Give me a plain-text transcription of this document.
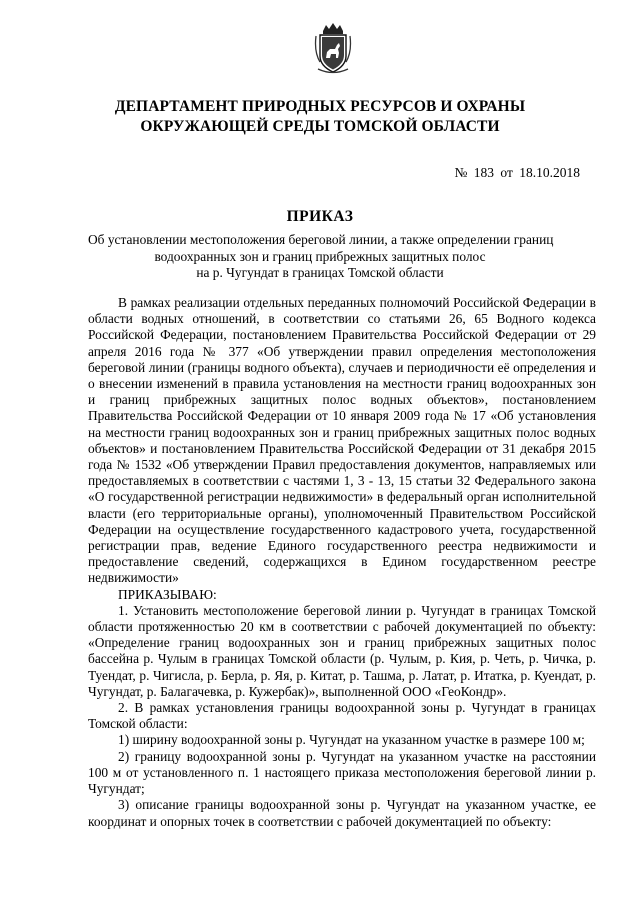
ДЕПАРТАМЕНТ ПРИРОДНЫХ РЕСУРСОВ И ОХРАНЫ
ОКРУЖАЮЩЕЙ СРЕДЫ ТОМСКОЙ ОБЛАСТИ
№ 183 от 18.10.2018
ПРИКАЗ
Об установлении местоположения береговой линии, а также определении границ
водоохранных зон и границ прибрежных защитных полос
на р. Чугундат в границах Томской области

В рамках реализации отдельных переданных полномочий Российской Федерации в области водных отношений, в соответствии со статьями 26, 65 Водного кодекса Российской Федерации, постановлением Правительства Российской Федерации от 29 апреля 2016 года № 377 «Об утверждении правил определения местоположения береговой линии (границы водного объекта), случаев и периодичности её определения и о внесении изменений в правила установления на местности границ водоохранных зон и границ прибрежных защитных полос водных объектов», постановлением Правительства Российской Федерации от 10 января 2009 года № 17 «Об установления на местности границ водоохранных зон и границ прибрежных защитных полос водных объектов» и постановлением Правительства Российской Федерации от 31 декабря 2015 года № 1532 «Об утверждении Правил предоставления документов, направляемых или предоставляемых в соответствии с частями 1, 3 - 13, 15 статьи 32 Федерального закона «О государственной регистрации недвижимости» в федеральный орган исполнительной власти (его территориальные органы), уполномоченный Правительством Российской Федерации на осуществление государственного кадастрового учета, государственной регистрации прав, ведение Единого государственного реестра недвижимости и предоставление сведений, содержащихся в Едином государственном реестре недвижимости»

ПРИКАЗЫВАЮ:

1. Установить местоположение береговой линии р. Чугундат в границах Томской области протяженностью 20 км в соответствии с рабочей документацией по объекту: «Определение границ водоохранных зон и границ прибрежных защитных полос бассейна р. Чулым в границах Томской области (р. Чулым, р. Кия, р. Четь, р. Чичка, р. Туендат, р. Чигисла, р. Берла, р. Яя, р. Китат, р. Ташма, р. Латат, р. Итатка, р. Куендат, р. Чугундат, р. Балагачевка, р. Кужербак)», выполненной ООО «ГеоКондр».

2. В рамках установления границы водоохранной зоны р. Чугундат в границах Томской области:

1) ширину водоохранной зоны р. Чугундат на указанном участке в размере 100 м;

2) границу водоохранной зоны р. Чугундат на указанном участке на расстоянии 100 м от установленного п. 1 настоящего приказа местоположения береговой линии р. Чугундат;

3) описание границы водоохранной зоны р. Чугундат на указанном участке, ее координат и опорных точек в соответствии с рабочей документацией по объекту:
